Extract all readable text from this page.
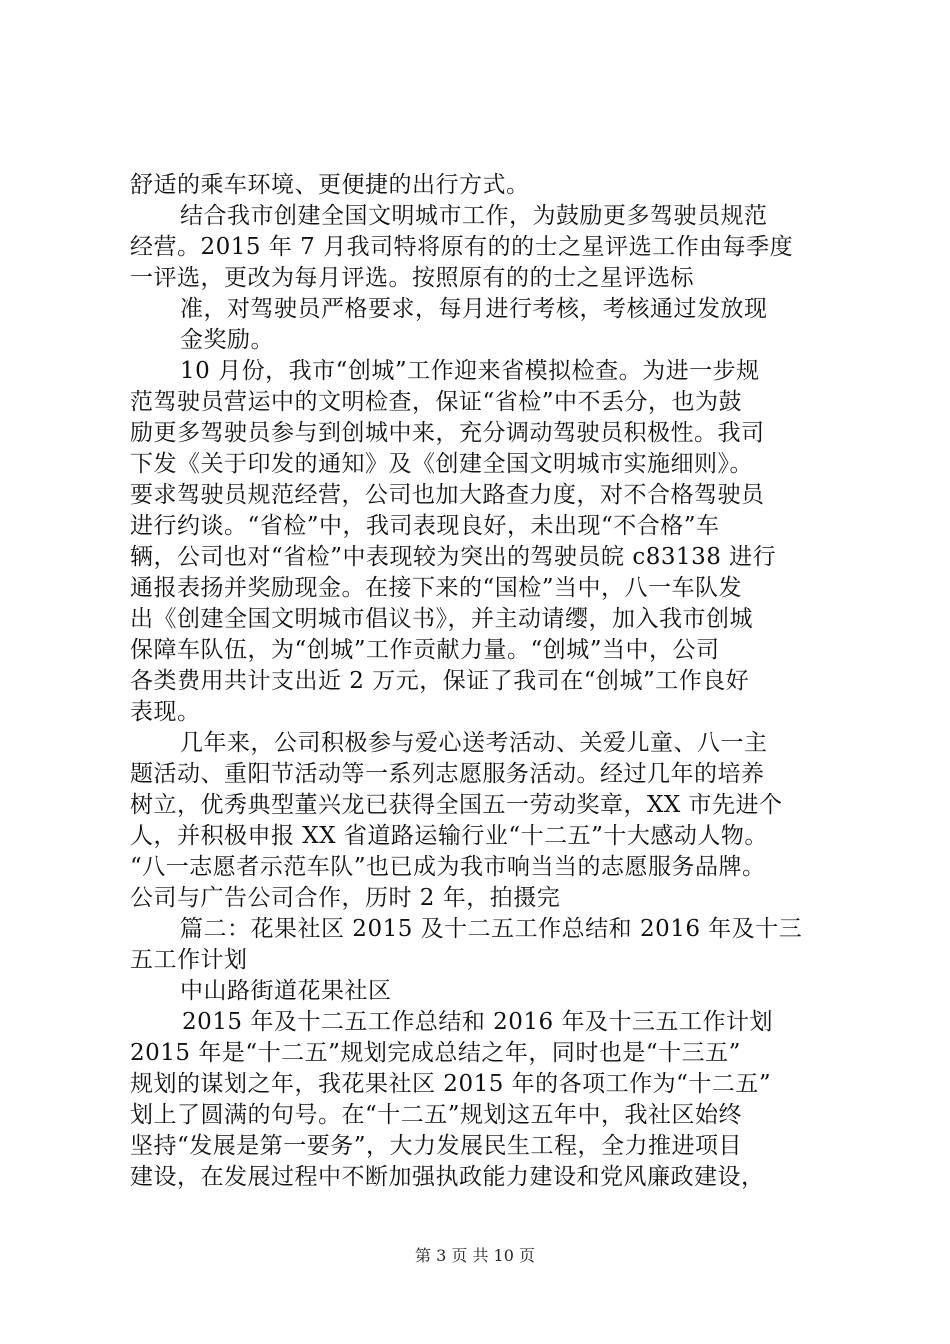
舒适的乘车环境、更便捷的出行方式。
结合我市创建全国文明城市工作，为鼓励更多驾驶员规范
经营。2015 年 7 月我司特将原有的的士之星评选工作由每季度
一评选，更改为每月评选。按照原有的的士之星评选标
准，对驾驶员严格要求，每月进行考核，考核通过发放现
金奖励。
10 月份，我市“创城”工作迎来省模拟检查。为进一步规
范驾驶员营运中的文明检查，保证“省检”中不丢分，也为鼓
励更多驾驶员参与到创城中来，充分调动驾驶员积极性。我司
下发《关于印发的通知》及《创建全国文明城市实施细则》。
要求驾驶员规范经营，公司也加大路查力度，对不合格驾驶员
进行约谈。“省检”中，我司表现良好，未出现“不合格”车
辆，公司也对“省检”中表现较为突出的驾驶员皖 c83138 进行
通报表扬并奖励现金。在接下来的“国检”当中，八一车队发
出《创建全国文明城市倡议书》，并主动请缨，加入我市创城
保障车队伍，为“创城”工作贡献力量。“创城”当中，公司
各类费用共计支出近 2 万元，保证了我司在“创城”工作良好
表现。
几年来，公司积极参与爱心送考活动、关爱儿童、八一主
题活动、重阳节活动等一系列志愿服务活动。经过几年的培养
树立，优秀典型董兴龙已获得全国五一劳动奖章，XX 市先进个
人，并积极申报 XX 省道路运输行业“十二五”十大感动人物。
“八一志愿者示范车队”也已成为我市响当当的志愿服务品牌。
公司与广告公司合作，历时 2 年，拍摄完
篇二：花果社区 2015 及十二五工作总结和 2016 年及十三
五工作计划
中山路街道花果社区
2015 年及十二五工作总结和 2016 年及十三五工作计划
2015 年是“十二五”规划完成总结之年，同时也是“十三五”
规划的谋划之年，我花果社区 2015 年的各项工作为“十二五”
划上了圆满的句号。在“十二五”规划这五年中，我社区始终
坚持“发展是第一要务”，大力发展民生工程，全力推进项目
建设，在发展过程中不断加强执政能力建设和党风廉政建设，
第 3 页 共 10 页
